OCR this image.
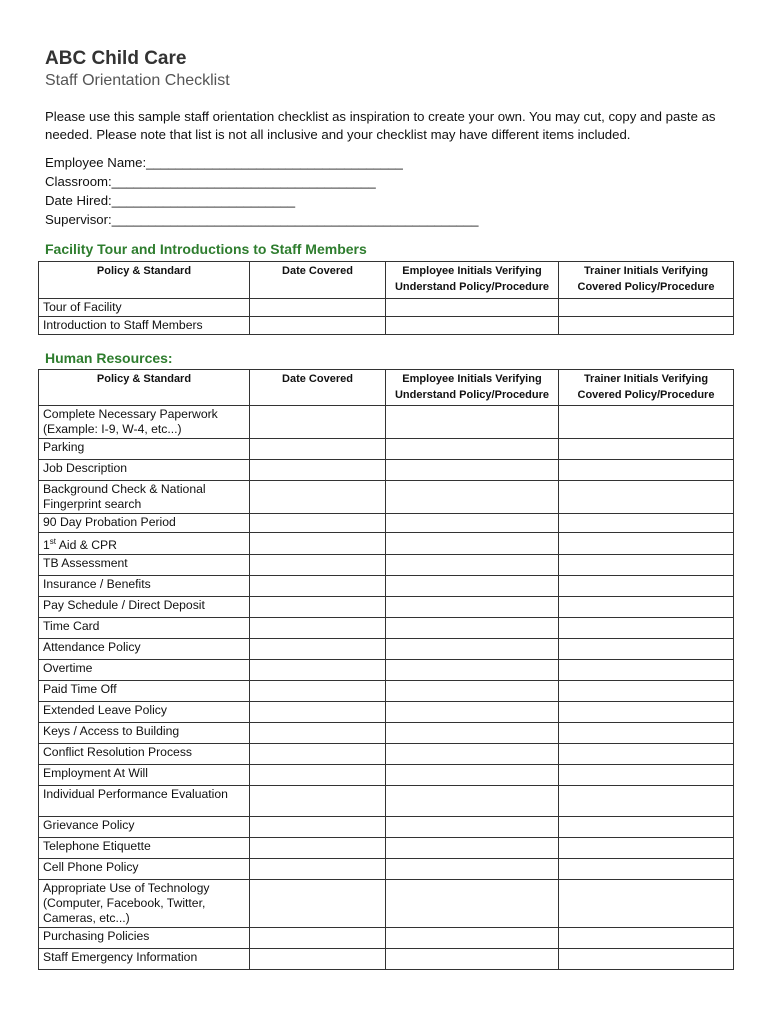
ABC Child Care
Staff Orientation Checklist
Please use this sample staff orientation checklist as inspiration to create your own. You may cut, copy and paste as needed. Please note that list is not all inclusive and your checklist may have different items included.
Employee Name:___________________________________
Classroom:____________________________________
Date Hired:_________________________
Supervisor:__________________________________________________
Facility Tour and Introductions to Staff Members
Policy & Standard	Date Covered	Employee Initials Verifying Understand Policy/Procedure	Trainer Initials Verifying Covered Policy/Procedure
Tour of Facility			
Introduction to Staff Members			
Human Resources:
Policy & Standard	Date Covered	Employee Initials Verifying Understand Policy/Procedure	Trainer Initials Verifying Covered Policy/Procedure
Complete Necessary Paperwork (Example: I-9, W-4, etc...)			
Parking			
Job Description			
Background Check & National Fingerprint search			
90 Day Probation Period			
1st Aid & CPR			
TB Assessment			
Insurance / Benefits			
Pay Schedule / Direct Deposit			
Time Card			
Attendance Policy			
Overtime			
Paid Time Off			
Extended Leave Policy			
Keys / Access to Building			
Conflict Resolution Process			
Employment At Will			
Individual Performance Evaluation			
Grievance Policy			
Telephone Etiquette			
Cell Phone Policy			
Appropriate Use of Technology (Computer, Facebook, Twitter, Cameras, etc...)			
Purchasing Policies			
Staff Emergency Information			
